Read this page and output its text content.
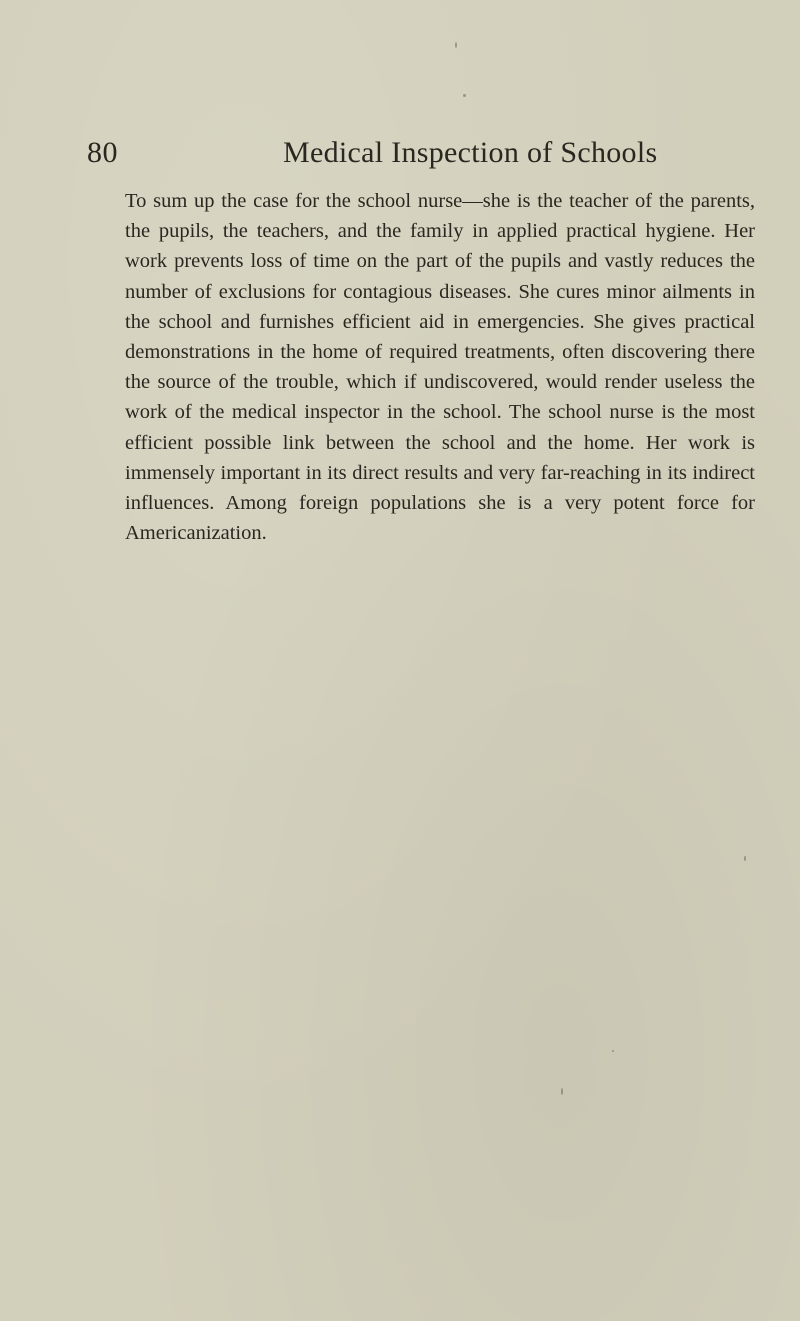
80	Medical Inspection of Schools

To sum up the case for the school nurse—she is the teacher of the parents, the pupils, the teachers, and the family in applied practical hygiene. Her work prevents loss of time on the part of the pupils and vastly reduces the number of exclusions for contagious diseases. She cures minor ailments in the school and furnishes efficient aid in emergencies. She gives practical demonstrations in the home of required treatments, often discovering there the source of the trouble, which if undiscovered, would render useless the work of the medical inspector in the school. The school nurse is the most efficient possible link between the school and the home. Her work is immensely important in its direct results and very far-reaching in its indirect influences. Among foreign populations she is a very potent force for Americanization.
